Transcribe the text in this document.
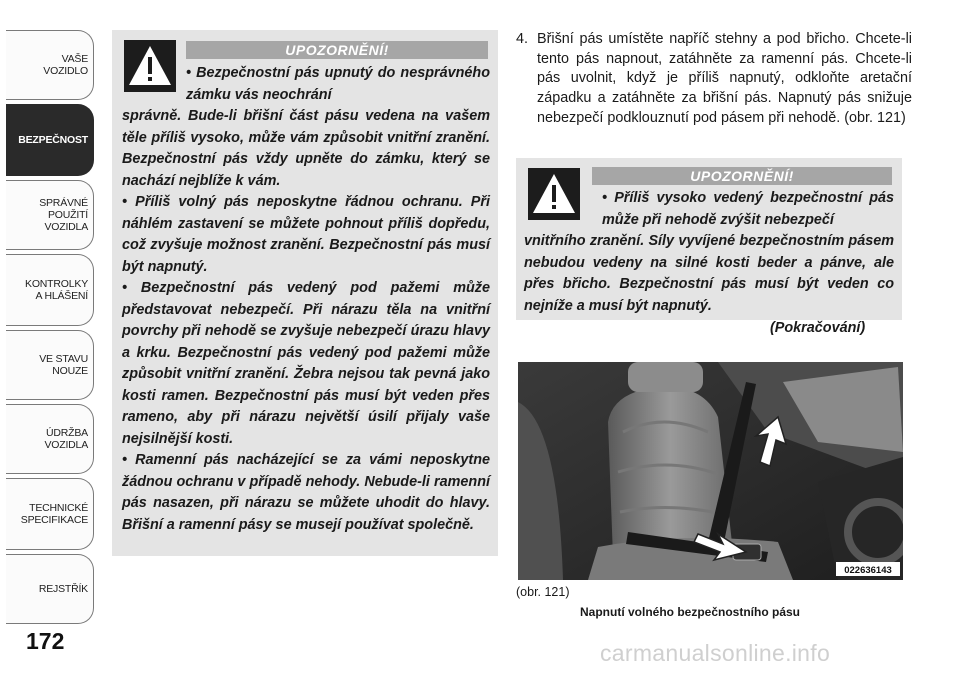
VAŠE
VOZIDLO
BEZPEČNOST
SPRÁVNÉ
POUŽITÍ
VOZIDLA
KONTROLKY
A HLÁŠENÍ
VE STAVU
NOUZE
ÚDRŽBA
VOZIDLA
TECHNICKÉ
SPECIFIKACE
REJSTŘÍK
172
UPOZORNĚNÍ!

• Bezpečnostní pás upnutý do nesprávného zámku vás neochrání

správně. Bude-li břišní část pásu vedena na vašem těle příliš vysoko, může vám způsobit vnitřní zranění. Bezpečnostní pás vždy upněte do zámku, který se nachází nejblíže k vám.

• Příliš volný pás neposkytne řádnou ochranu. Při náhlém zastavení se můžete pohnout příliš dopředu, což zvyšuje možnost zranění. Bezpečnostní pás musí být napnutý.

• Bezpečnostní pás vedený pod pažemi může představovat nebezpečí. Při nárazu těla na vnitřní povrchy při nehodě se zvyšuje nebezpečí úrazu hlavy a krku. Bezpečnostní pás vedený pod pažemi může způsobit vnitřní zranění. Žebra nejsou tak pevná jako kosti ramen. Bezpečnostní pás musí být veden přes rameno, aby při nárazu největší úsilí přijaly vaše nejsilnější kosti.

• Ramenní pás nacházející se za vámi neposkytne žádnou ochranu v případě nehody. Nebude-li ramenní pás nasazen, při nárazu se můžete uhodit do hlavy. Břišní a ramenní pásy se musejí používat společně.

4. Břišní pás umístěte napříč stehny a pod břicho. Chcete-li tento pás napnout, zatáhněte za ramenní pás. Chcete-li pás uvolnit, když je příliš napnutý, odkloňte aretační západku a zatáhněte za břišní pás. Napnutý pás snižuje nebezpečí podklouznutí pod pásem při nehodě. (obr. 121)
UPOZORNĚNÍ!

• Příliš vysoko vedený bezpečnostní pás může při nehodě zvýšit nebezpečí

vnitřního zranění. Síly vyvíjené bezpečnostním pásem nebudou vedeny na silné kosti beder a pánve, ale přes břicho. Bezpečnostní pás musí být veden co nejníže a musí být napnutý.

(Pokračování)
0226361​43
(obr. 121)
Napnutí volného bezpečnostního pásu
carmanualsonline.info
